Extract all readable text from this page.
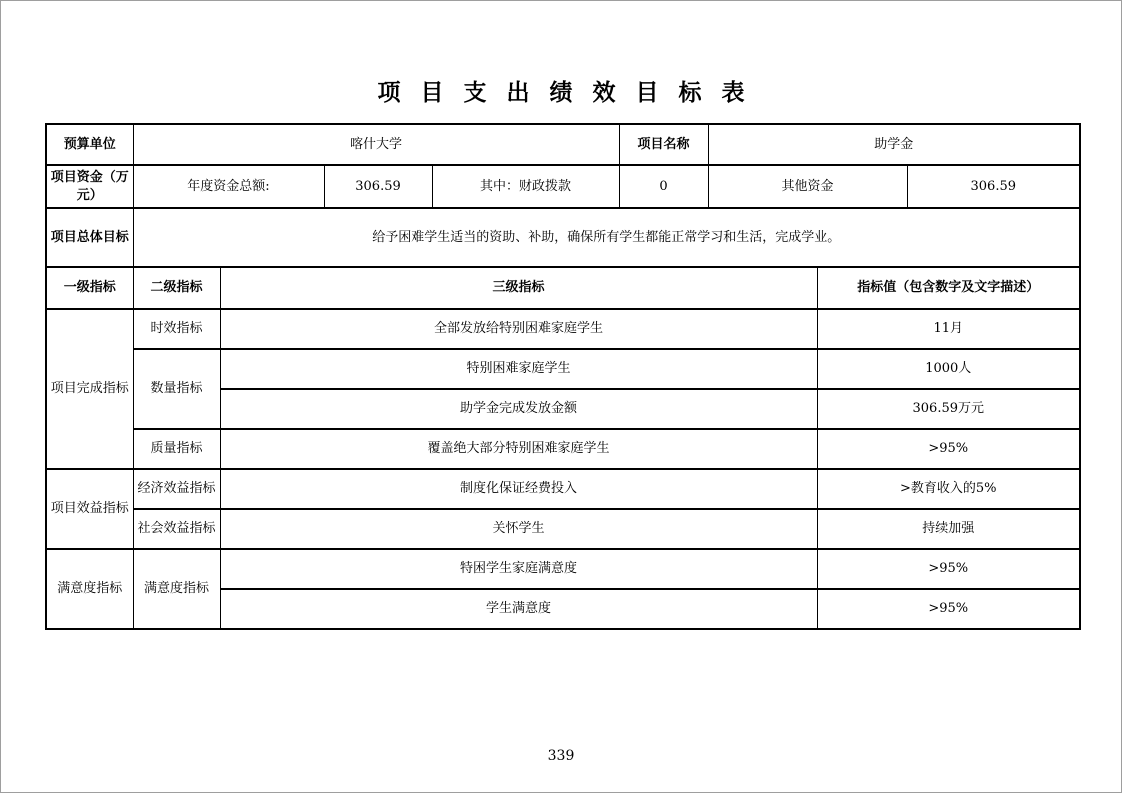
项目支出绩效目标表
预算单位	喀什大学				项目名称	助学金		
项目资金（万元）	年度资金总额:		306.59	其中：财政拨款	0	其他资金		306.59
项目总体目标	给予困难学生适当的资助、补助，确保所有学生都能正常学习和生活，完成学业。							
一级指标	二级指标	三级指标					指标值（包含数字及文字描述）	
项目完成指标	时效指标	全部发放给特别困难家庭学生					11月	
	数量指标	特别困难家庭学生					1000人	
		助学金完成发放金额					306.59万元	
	质量指标	覆盖绝大部分特别困难家庭学生					>95%	
项目效益指标	经济效益指标	制度化保证经费投入					>教育收入的5%	
	社会效益指标	关怀学生					持续加强	
满意度指标	满意度指标	特困学生家庭满意度					>95%	
		学生满意度					>95%	
339
